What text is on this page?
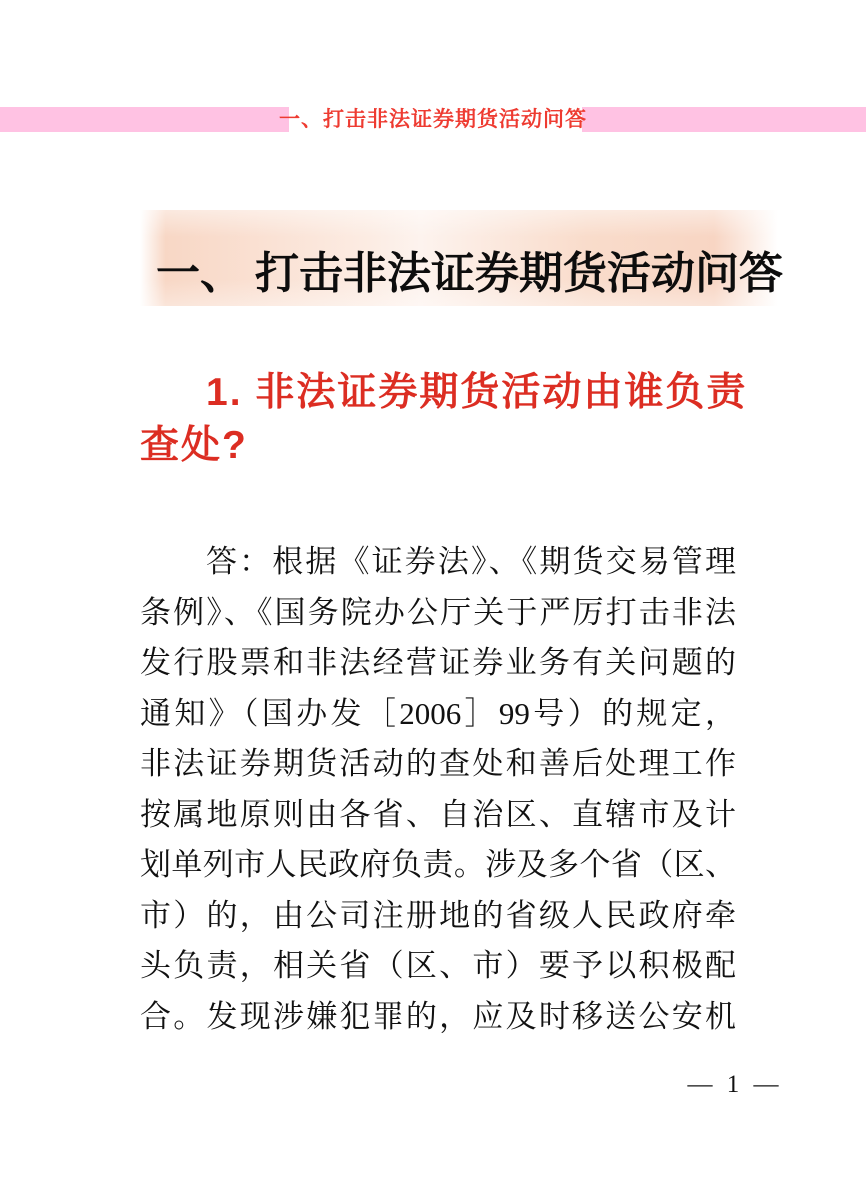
一、打击非法证券期货活动问答
一、 打击非法证券期货活动问答
1. 非法证券期货活动由谁负责
查处?
答：根据《证券法》、《期货交易管理
条例》、《国务院办公厅关于严厉打击非法
发行股票和非法经营证券业务有关问题的
通知》（国办发［2006］99号）的规定，
非法证券期货活动的查处和善后处理工作
按属地原则由各省、自治区、直辖市及计
划单列市人民政府负责。涉及多个省（区、
市）的，由公司注册地的省级人民政府牵
头负责，相关省（区、市）要予以积极配
合。发现涉嫌犯罪的，应及时移送公安机
— 1 —
